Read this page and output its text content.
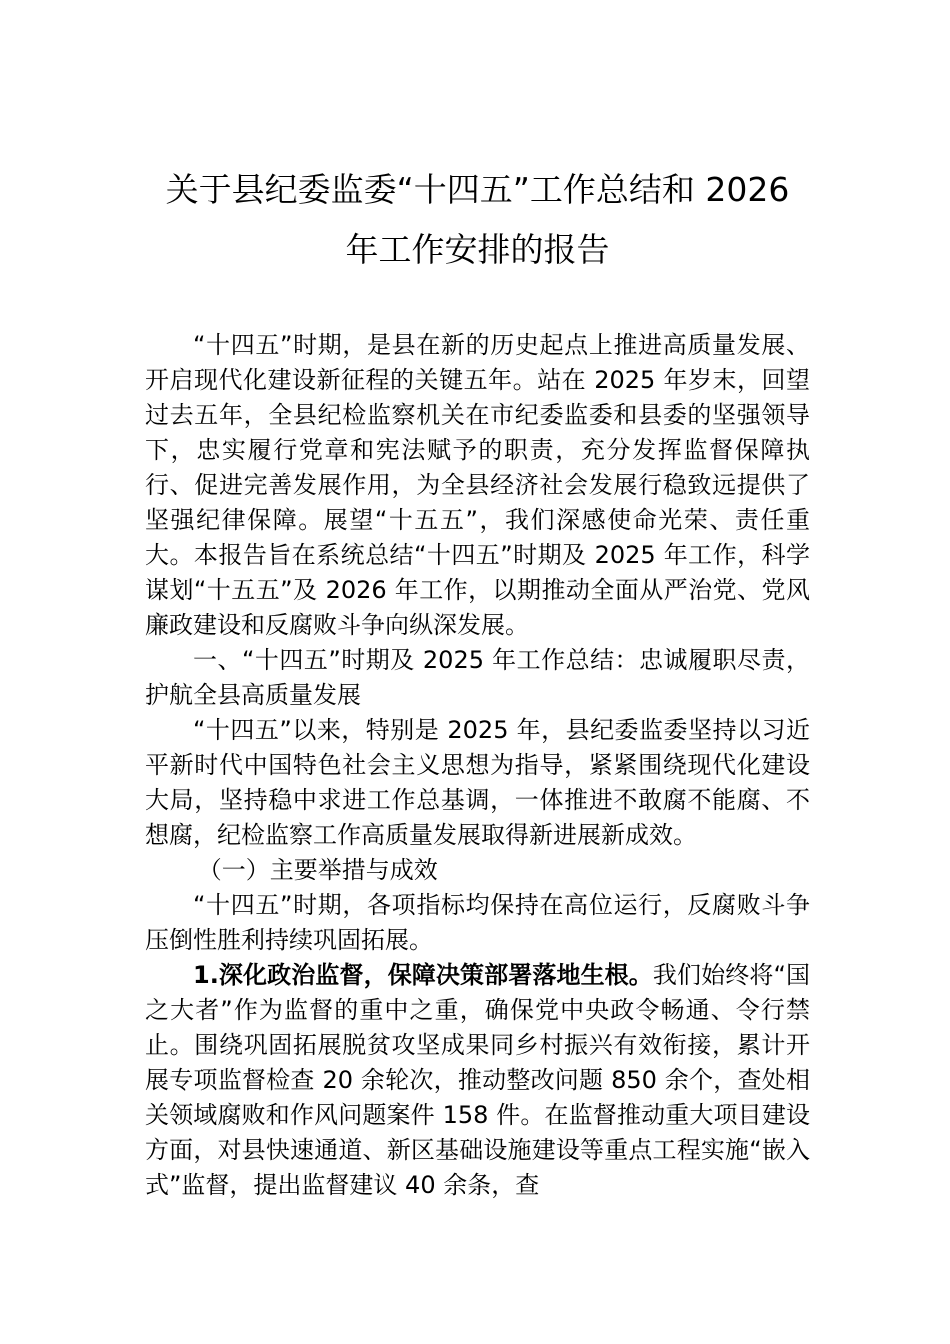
关于县纪委监委“十四五”工作总结和 2026
年工作安排的报告

“十四五”时期，是县在新的历史起点上推进高质量发展、开启现代化建设新征程的关键五年。站在 2025 年岁末，回望过去五年，全县纪检监察机关在市纪委监委和县委的坚强领导下，忠实履行党章和宪法赋予的职责，充分发挥监督保障执行、促进完善发展作用，为全县经济社会发展行稳致远提供了坚强纪律保障。展望“十五五”，我们深感使命光荣、责任重大。本报告旨在系统总结“十四五”时期及 2025 年工作，科学谋划“十五五”及 2026 年工作，以期推动全面从严治党、党风廉政建设和反腐败斗争向纵深发展。

一、“十四五”时期及 2025 年工作总结：忠诚履职尽责，护航全县高质量发展

“十四五”以来，特别是 2025 年，县纪委监委坚持以习近平新时代中国特色社会主义思想为指导，紧紧围绕现代化建设大局，坚持稳中求进工作总基调，一体推进不敢腐不能腐、不想腐，纪检监察工作高质量发展取得新进展新成效。

（一）主要举措与成效

“十四五”时期，各项指标均保持在高位运行，反腐败斗争压倒性胜利持续巩固拓展。

1.深化政治监督，保障决策部署落地生根。我们始终将“国之大者”作为监督的重中之重，确保党中央政令畅通、令行禁止。围绕巩固拓展脱贫攻坚成果同乡村振兴有效衔接，累计开展专项监督检查 20 余轮次，推动整改问题 850 余个，查处相关领域腐败和作风问题案件 158 件。在监督推动重大项目建设方面，对县快速通道、新区基础设施建设等重点工程实施“嵌入式”监督，提出监督建议 40 余条，查
